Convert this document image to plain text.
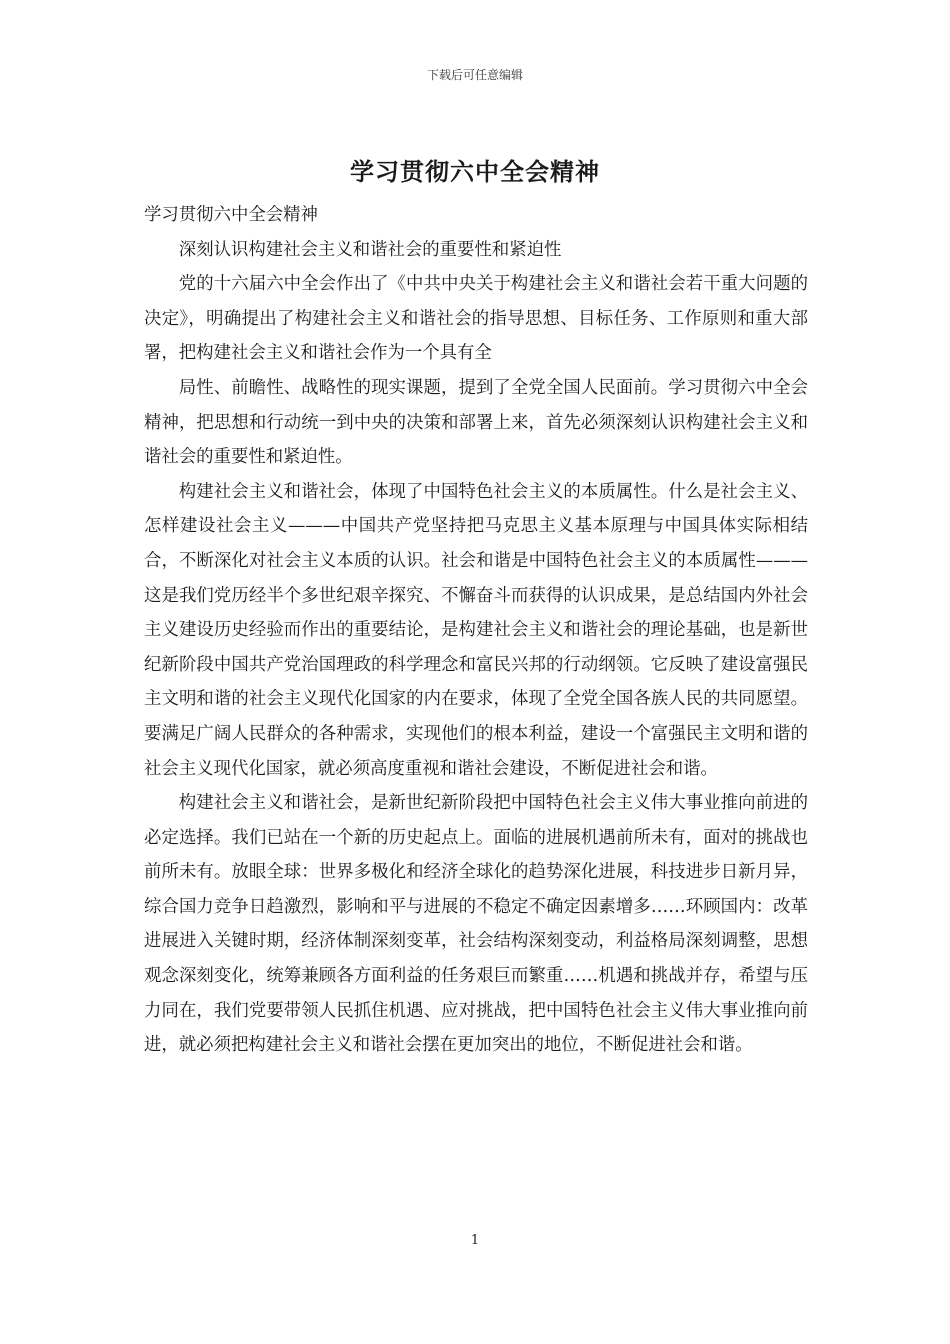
下载后可任意编辑
学习贯彻六中全会精神

学习贯彻六中全会精神

深刻认识构建社会主义和谐社会的重要性和紧迫性

党的十六届六中全会作出了《中共中央关于构建社会主义和谐社会若干重大问题的决定》，明确提出了构建社会主义和谐社会的指导思想、目标任务、工作原则和重大部署，把构建社会主义和谐社会作为一个具有全

局性、前瞻性、战略性的现实课题，提到了全党全国人民面前。学习贯彻六中全会精神，把思想和行动统一到中央的决策和部署上来，首先必须深刻认识构建社会主义和谐社会的重要性和紧迫性。

构建社会主义和谐社会，体现了中国特色社会主义的本质属性。什么是社会主义、怎样建设社会主义———中国共产党坚持把马克思主义基本原理与中国具体实际相结合，不断深化对社会主义本质的认识。社会和谐是中国特色社会主义的本质属性———这是我们党历经半个多世纪艰辛探究、不懈奋斗而获得的认识成果，是总结国内外社会主义建设历史经验而作出的重要结论，是构建社会主义和谐社会的理论基础，也是新世纪新阶段中国共产党治国理政的科学理念和富民兴邦的行动纲领。它反映了建设富强民主文明和谐的社会主义现代化国家的内在要求，体现了全党全国各族人民的共同愿望。要满足广阔人民群众的各种需求，实现他们的根本利益，建设一个富强民主文明和谐的社会主义现代化国家，就必须高度重视和谐社会建设，不断促进社会和谐。

构建社会主义和谐社会，是新世纪新阶段把中国特色社会主义伟大事业推向前进的必定选择。我们已站在一个新的历史起点上。面临的进展机遇前所未有，面对的挑战也前所未有。放眼全球：世界多极化和经济全球化的趋势深化进展，科技进步日新月异，综合国力竞争日趋激烈，影响和平与进展的不稳定不确定因素增多……环顾国内：改革进展进入关键时期，经济体制深刻变革，社会结构深刻变动，利益格局深刻调整，思想观念深刻变化，统筹兼顾各方面利益的任务艰巨而繁重……机遇和挑战并存，希望与压力同在，我们党要带领人民抓住机遇、应对挑战，把中国特色社会主义伟大事业推向前进，就必须把构建社会主义和谐社会摆在更加突出的地位，不断促进社会和谐。

1
